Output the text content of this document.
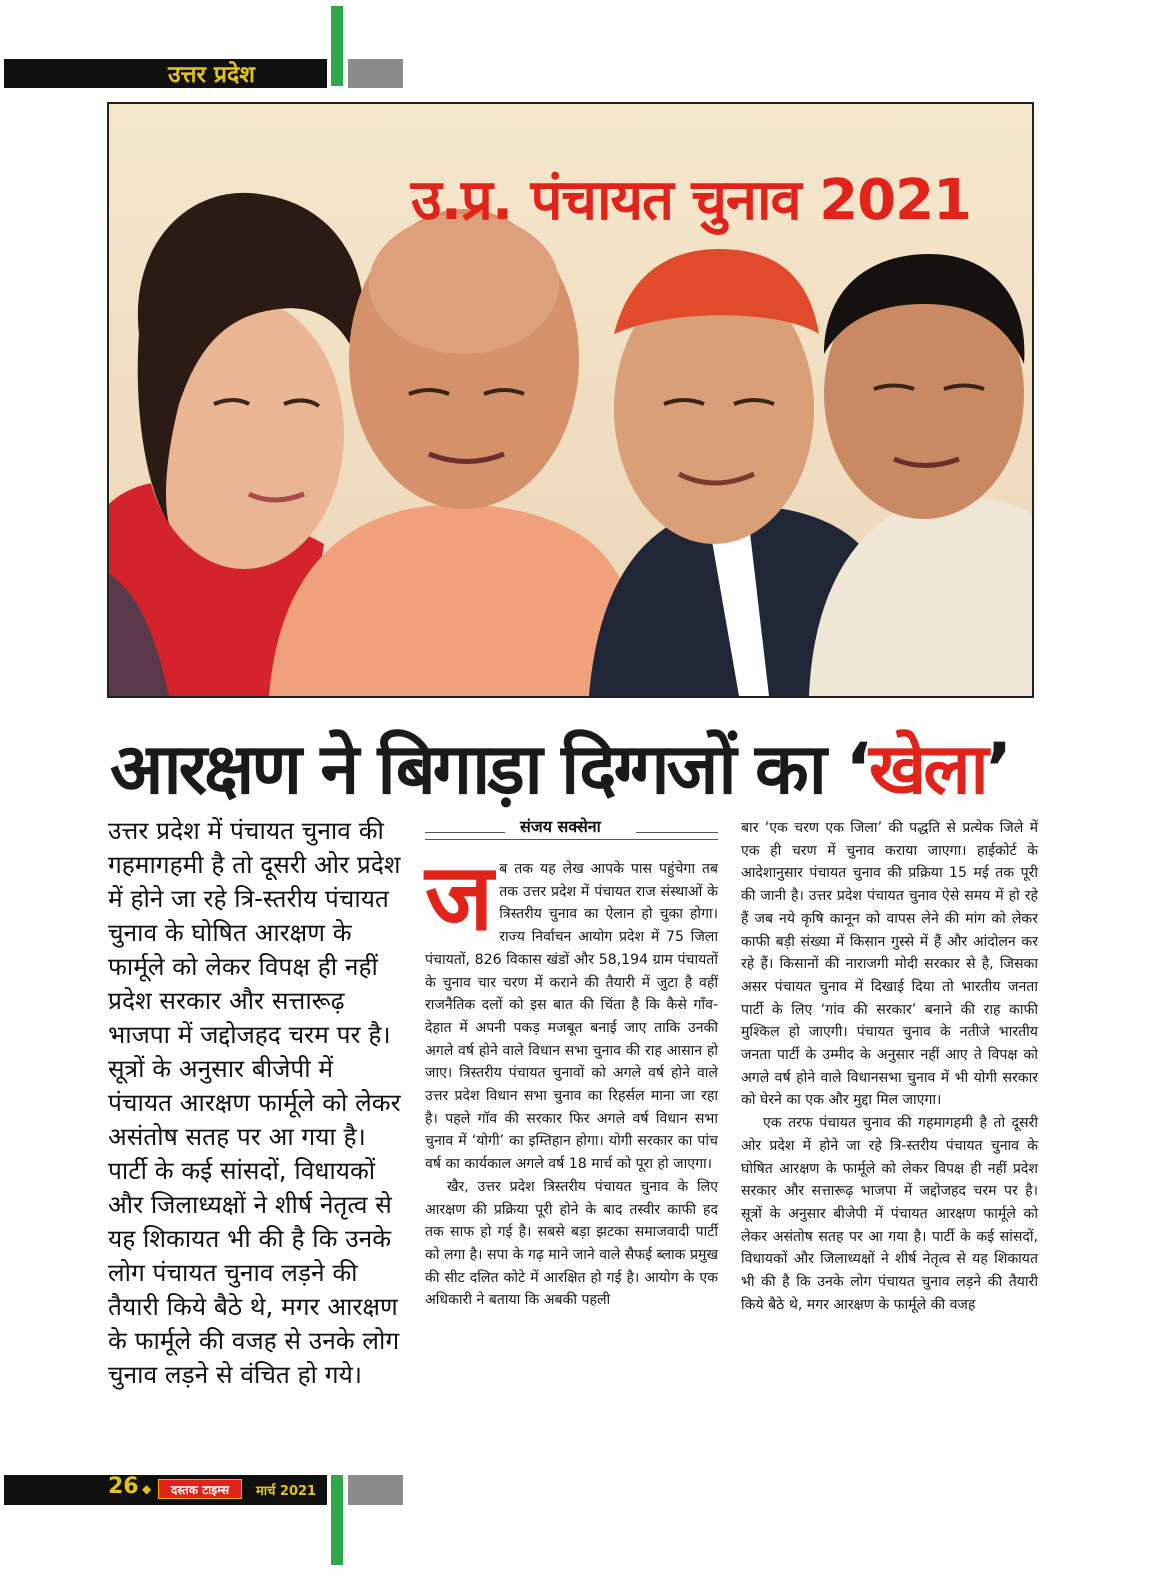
उत्तर प्रदेश
उ.प्र. पंचायत चुनाव 2021
आरक्षण ने बिगाड़ा दिग्गजों का ‘खेला’
उत्तर प्रदेश में पंचायत चुनाव की गहमागहमी है तो दूसरी ओर प्रदेश में होने जा रहे त्रि-स्तरीय पंचायत चुनाव के घोषित आरक्षण के फार्मूले को लेकर विपक्ष ही नहीं प्रदेश सरकार और सत्तारूढ़ भाजपा में जद्दोजहद चरम पर है। सूत्रों के अनुसार बीजेपी में पंचायत आरक्षण फार्मूले को लेकर असंतोष सतह पर आ गया है। पार्टी के कई सांसदों, विधायकों और जिलाध्यक्षों ने शीर्ष नेतृत्व से यह शिकायत भी की है कि उनके लोग पंचायत चुनाव लड़ने की तैयारी किये बैठे थे, मगर आरक्षण के फार्मूले की वजह से उनके लोग चुनाव लड़ने से वंचित हो गये।
संजय सक्सेना
ज ब तक यह लेख आपके पास पहुंचेगा तब तक उत्तर प्रदेश में पंचायत राज संस्थाओं के त्रिस्तरीय चुनाव का ऐलान हो चुका होगा। राज्य निर्वाचन आयोग प्रदेश में 75 जिला पंचायतों, 826 विकास खंडों और 58,194 ग्राम पंचायतों के चुनाव चार चरण में कराने की तैयारी में जुटा है वहीं राजनैतिक दलों को इस बात की चिंता है कि कैसे गाँव-देहात में अपनी पकड़ मजबूत बनाई जाए ताकि उनकी अगले वर्ष होने वाले विधान सभा चुनाव की राह आसान हो जाए। त्रिस्तरीय पंचायत चुनावों को अगले वर्ष होने वाले उत्तर प्रदेश विधान सभा चुनाव का रिहर्सल माना जा रहा है। पहले गॉव की सरकार फिर अगले वर्ष विधान सभा चुनाव में ‘योगी’ का इम्तिहान होगा। योगी सरकार का पांच वर्ष का कार्यकाल अगले वर्ष 18 मार्च को पूरा हो जाएगा।

खैर, उत्तर प्रदेश त्रिस्तरीय पंचायत चुनाव के लिए आरक्षण की प्रक्रिया पूरी होने के बाद तस्वीर काफी हद तक साफ हो गई है। सबसे बड़ा झटका समाजवादी पार्टी को लगा है। सपा के गढ़ माने जाने वाले सैफई ब्लाक प्रमुख की सीट दलित कोटे में आरक्षित हो गई है। आयोग के एक अधिकारी ने बताया कि अबकी पहली

बार ‘एक चरण एक जिला’ की पद्धति से प्रत्येक जिले में एक ही चरण में चुनाव कराया जाएगा। हाईकोर्ट के आदेशानुसार पंचायत चुनाव की प्रक्रिया 15 मई तक पूरी की जानी है। उत्तर प्रदेश पंचायत चुनाव ऐसे समय में हो रहे हैं जब नये कृषि कानून को वापस लेने की मांग को लेकर काफी बड़ी संख्या में किसान गुस्से में हैं और आंदोलन कर रहे हैं। किसानों की नाराजगी मोदी सरकार से है, जिसका असर पंचायत चुनाव में दिखाई दिया तो भारतीय जनता पार्टी के लिए ‘गांव की सरकार’ बनाने की राह काफी मुश्किल हो जाएगी। पंचायत चुनाव के नतीजे भारतीय जनता पार्टी के उम्मीद के अनुसार नहीं आए ते विपक्ष को अगले वर्ष होने वाले विधानसभा चुनाव में भी योगी सरकार को घेरने का एक और मुद्दा मिल जाएगा।

एक तरफ पंचायत चुनाव की गहमागहमी है तो दूसरी ओर प्रदेश में होने जा रहे त्रि-स्तरीय पंचायत चुनाव के घोषित आरक्षण के फार्मूले को लेकर विपक्ष ही नहीं प्रदेश सरकार और सत्तारूढ़ भाजपा में जद्दोजहद चरम पर है। सूत्रों के अनुसार बीजेपी में पंचायत आरक्षण फार्मूले को लेकर असंतोष सतह पर आ गया है। पार्टी के कई सांसदों, विधायकों और जिलाध्यक्षों ने शीर्ष नेतृत्व से यह शिकायत भी की है कि उनके लोग पंचायत चुनाव लड़ने की तैयारी किये बैठे थे, मगर आरक्षण के फार्मूले की वजह

26 ◆	दस्तक टाइम्स	मार्च 2021
